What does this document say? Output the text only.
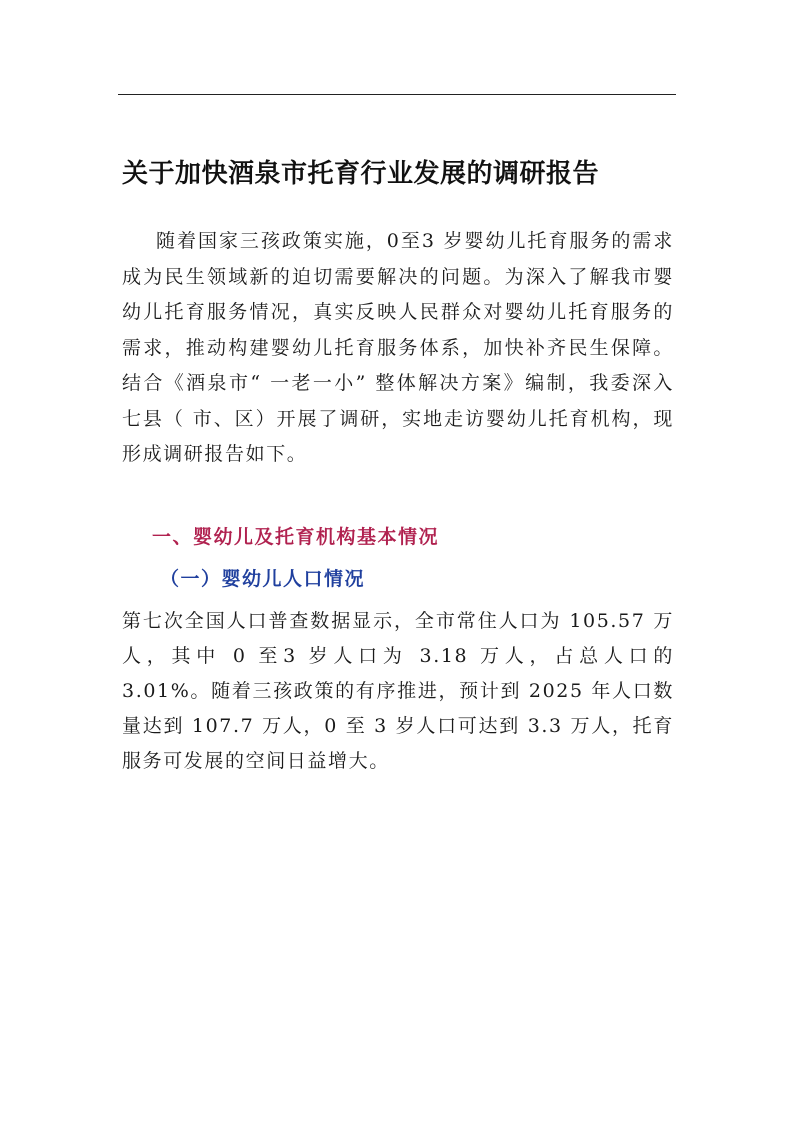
关于加快酒泉市托育行业发展的调研报告

随着国家三孩政策实施，0至3 岁婴幼儿托育服务的需求成为民生领域新的迫切需要解决的问题。为深入了解我市婴幼儿托育服务情况，真实反映人民群众对婴幼儿托育服务的需求，推动构建婴幼儿托育服务体系，加快补齐民生保障。结合《酒泉市“ 一老一小” 整体解决方案》编制，我委深入七县（ 市、区）开展了调研，实地走访婴幼儿托育机构，现形成调研报告如下。

一、婴幼儿及托育机构基本情况
（一）婴幼儿人口情况

第七次全国人口普查数据显示，全市常住人口为 105.57 万人，其中 0 至3 岁人口为 3.18 万人，占总人口的 3.01%。随着三孩政策的有序推进，预计到 2025 年人口数量达到 107.7 万人，0 至 3 岁人口可达到 3.3 万人，托育服务可发展的空间日益增大。
